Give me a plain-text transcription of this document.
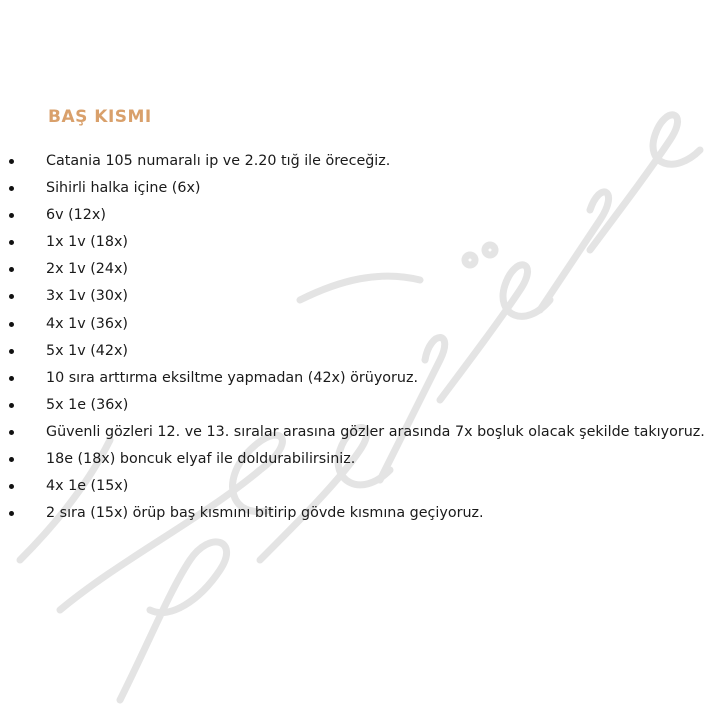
BAŞ KISMI
Catania 105 numaralı ip ve 2.20 tığ ile öreceğiz.
Sihirli halka içine (6x)
6v (12x)
1x 1v (18x)
2x 1v (24x)
3x 1v (30x)
4x 1v (36x)
5x 1v (42x)
10 sıra arttırma eksiltme yapmadan (42x) örüyoruz.
5x 1e (36x)
Güvenli gözleri 12. ve 13. sıralar arasına gözler arasında 7x boşluk olacak şekilde takıyoruz.
18e (18x) boncuk elyaf ile doldurabilirsiniz.
4x 1e (15x)
2 sıra (15x) örüp baş kısmını bitirip gövde kısmına geçiyoruz.
